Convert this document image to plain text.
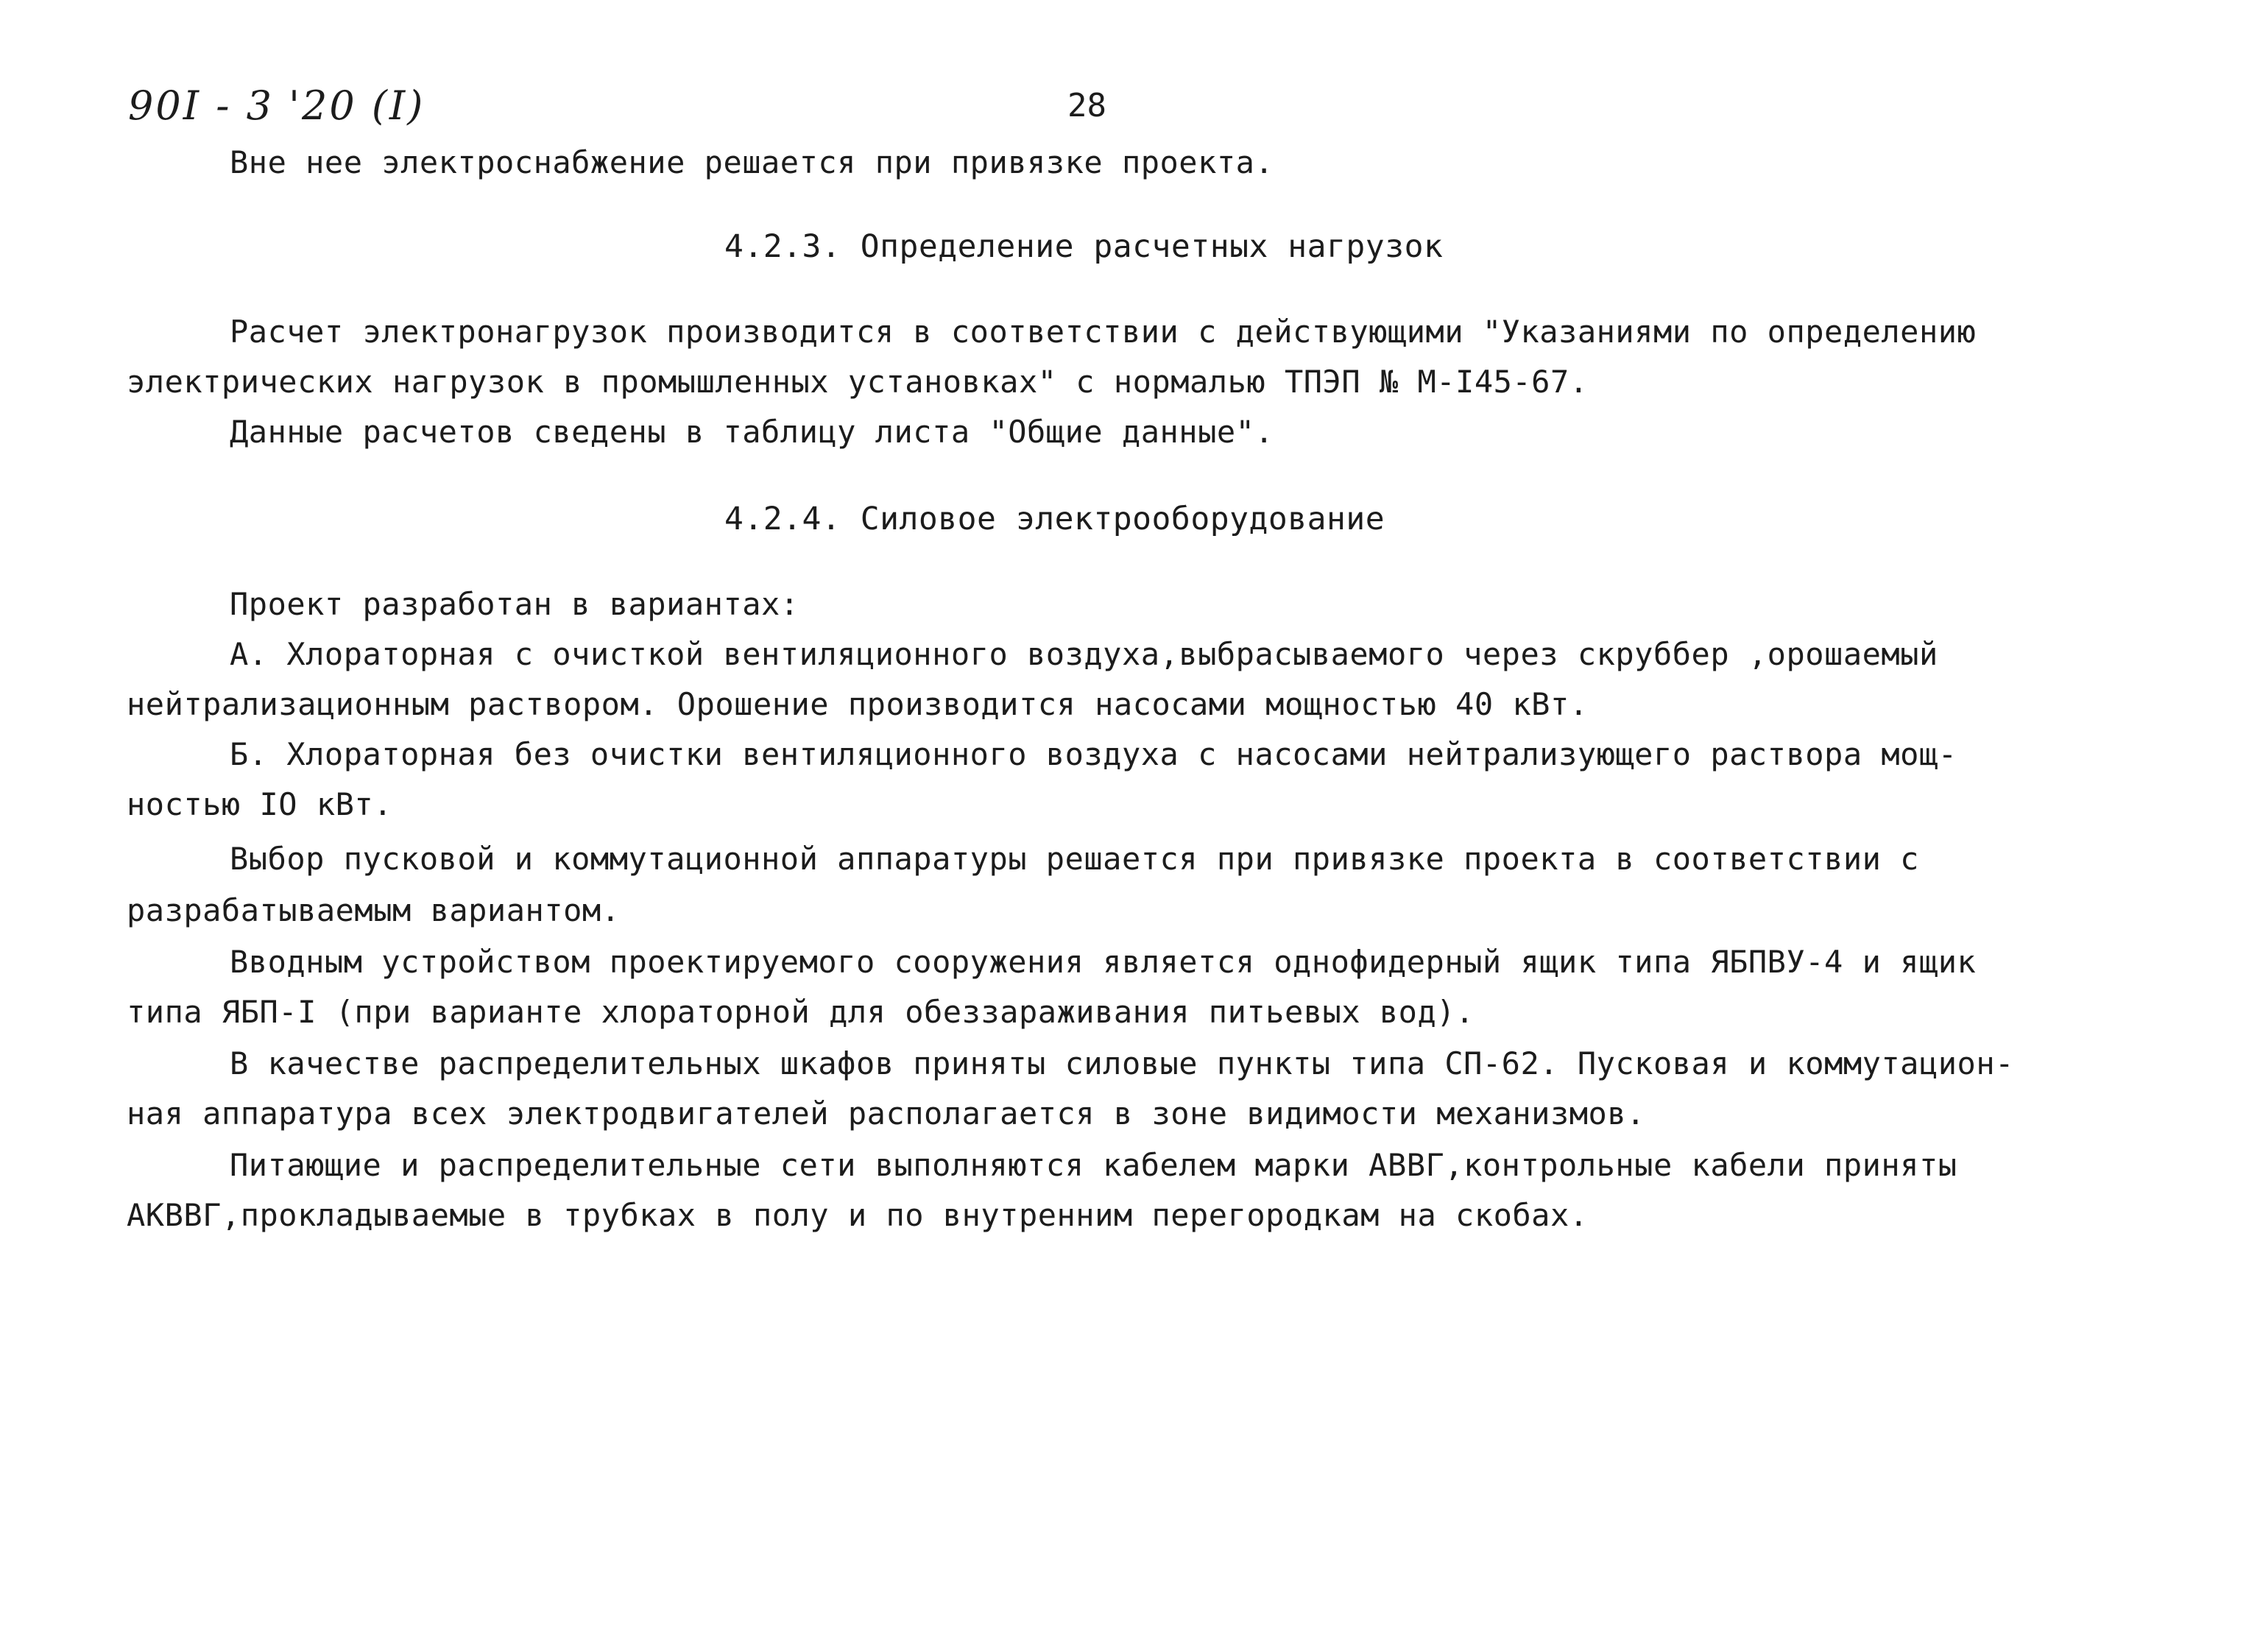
90I - 3 '20 (I)	28
Вне нее электроснабжение решается при привязке проекта.
4.2.3. Определение расчетных нагрузок
Расчет электронагрузок производится в соответствии с действующими "Указаниями по определению
электрических нагрузок в промышленных установках" с нормалью ТПЭП № М-I45-67.
Данные расчетов сведены в таблицу листа "Общие данные".
4.2.4. Силовое электрооборудование
Проект разработан в вариантах:
А. Хлораторная с очисткой вентиляционного воздуха,выбрасываемого через скруббер ,орошаемый
нейтрализационным раствором. Орошение производится насосами мощностью 40 кВт.
Б. Хлораторная без очистки вентиляционного воздуха с насосами нейтрализующего раствора мощ-
ностью IO кВт.
Выбор пусковой и коммутационной аппаратуры решается при привязке проекта в соответствии с
разрабатываемым вариантом.
Вводным устройством проектируемого сооружения является однофидерный ящик типа ЯБПВУ-4 и ящик
типа ЯБП-I (при варианте хлораторной для обеззараживания питьевых вод).
В качестве распределительных шкафов приняты силовые пункты типа СП-62. Пусковая и коммутацион-
ная аппаратура всех электродвигателей располагается в зоне видимости механизмов.
Питающие и распределительные сети выполняются кабелем марки АВВГ,контрольные кабели приняты
АКВВГ,прокладываемые в трубках в полу и по внутренним перегородкам на скобах.
